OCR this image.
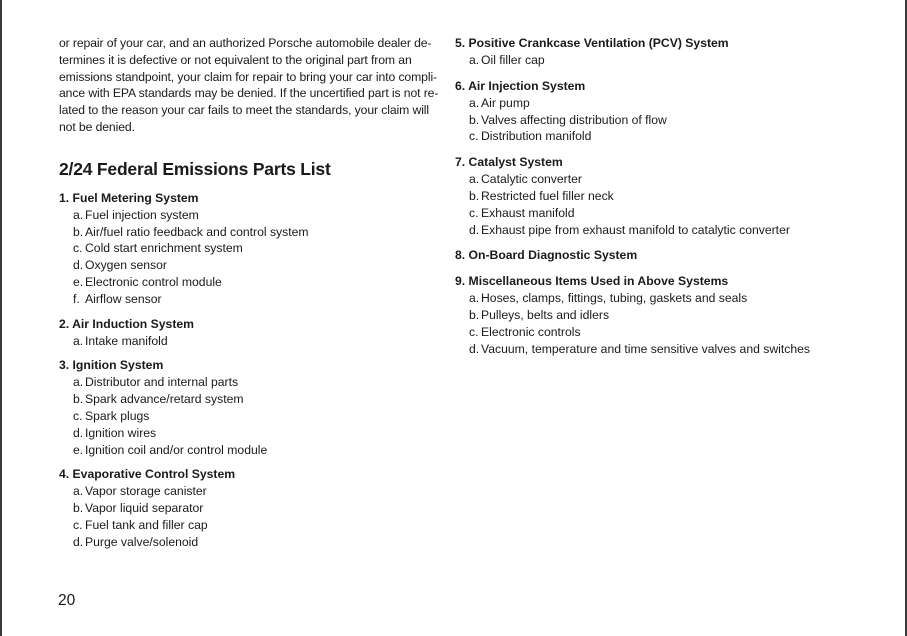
or repair of your car, and an authorized Porsche automobile dealer de-

termines it is defective or not equivalent to the original part from an

emissions standpoint, your claim for repair to bring your car into compli-

ance with EPA standards may be denied. If the uncertified part is not re-

lated to the reason your car fails to meet the standards, your claim will

not be denied.

2/24 Federal Emissions Parts List
1. Fuel Metering System
a. Fuel injection system
b. Air/fuel ratio feedback and control system
c. Cold start enrichment system
d. Oxygen sensor
e. Electronic control module
f. Airflow sensor
2. Air Induction System
a. Intake manifold
3. Ignition System
a. Distributor and internal parts
b. Spark advance/retard system
c. Spark plugs
d. Ignition wires
e. Ignition coil and/or control module
4. Evaporative Control System
a. Vapor storage canister
b. Vapor liquid separator
c. Fuel tank and filler cap
d. Purge valve/solenoid
5. Positive Crankcase Ventilation (PCV) System
a. Oil filler cap
6. Air Injection System
a. Air pump
b. Valves affecting distribution of flow
c. Distribution manifold
7. Catalyst System
a. Catalytic converter
b. Restricted fuel filler neck
c. Exhaust manifold
d. Exhaust pipe from exhaust manifold to catalytic converter
8. On-Board Diagnostic System
9. Miscellaneous Items Used in Above Systems
a. Hoses, clamps, fittings, tubing, gaskets and seals
b. Pulleys, belts and idlers
c. Electronic controls
d. Vacuum, temperature and time sensitive valves and switches
20
